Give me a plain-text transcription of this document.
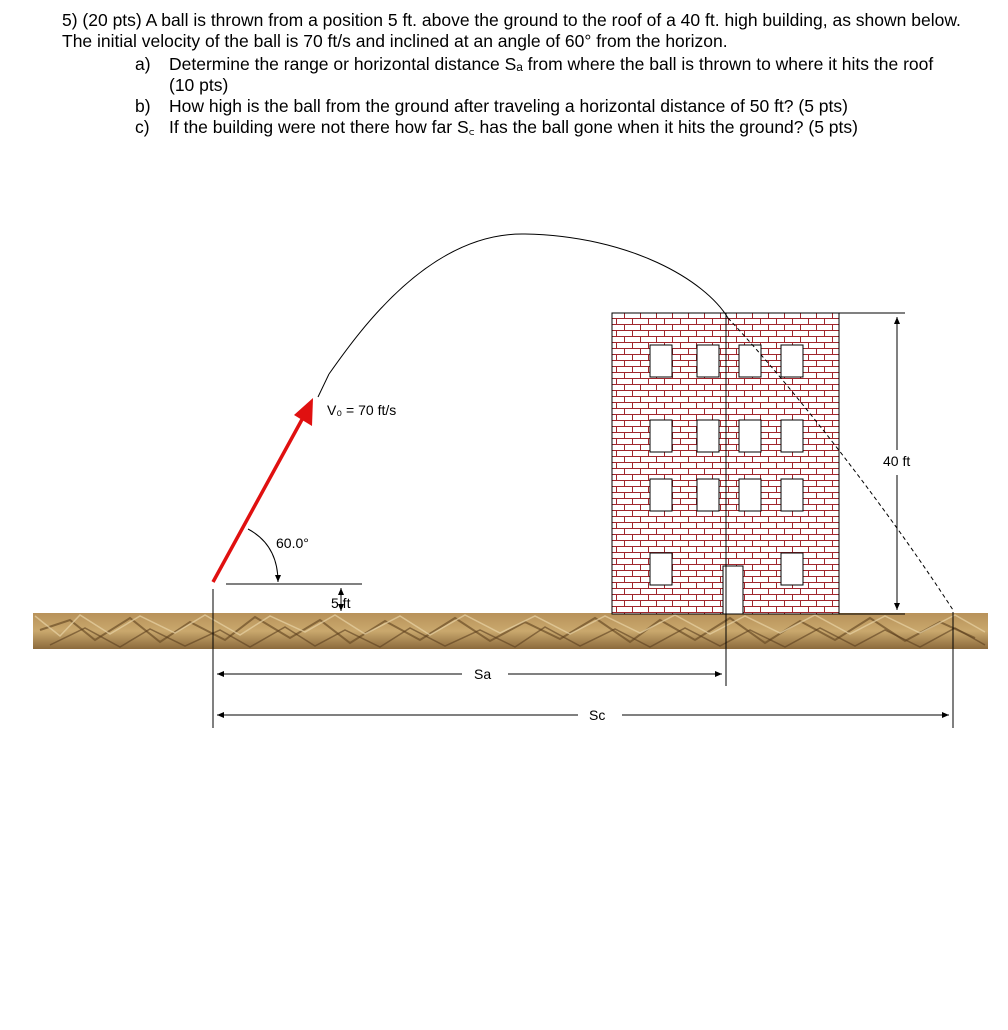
5) (20 pts) A ball is thrown from a position 5 ft. above the ground to the roof of a 40 ft. high building, as shown below. The initial velocity of the ball is 70 ft/s and inclined at an angle of 60° from the horizon.

a) Determine the range or horizontal distance Sₐ from where the ball is thrown to where it hits the roof (10 pts)
b) How high is the ball from the ground after traveling a horizontal distance of 50 ft? (5 pts)
c) If the building were not there how far S꜀ has the ball gone when it hits the ground? (5 pts)
V₀ = 70 ft/s
60.0°
5 ft
40 ft
Sa
Sc
